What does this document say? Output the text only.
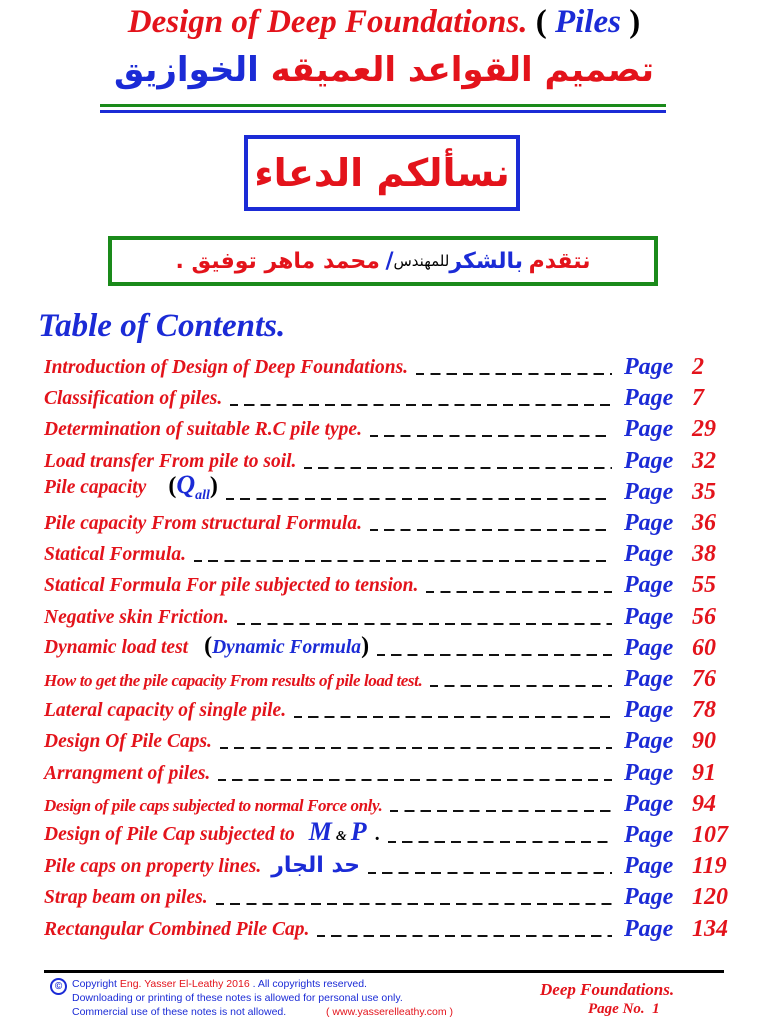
Design of Deep Foundations. ( Piles )
تصميم القواعد العميقه الخوازيق
نسألكم الدعاء
نتقدم

بالشكر
للمهندس
/

محمد ماهر توفيق .
Table of Contents.
Introduction of Design of Deep Foundations.	Page 2
Classification of piles.	Page 7
Determination of suitable R.C pile type.	Page 29
Load transfer From pile to soil.	Page 32
Pile capacity $(Q_{all})$	Page 35
Pile capacity From structural Formula.	Page 36
Statical Formula.	Page 38
Statical Formula For pile subjected to tension.	Page 55
Negative skin Friction.	Page 56
Dynamic load test (Dynamic Formula)	Page 60
How to get the pile capacity From results of pile load test.	Page 76
Lateral capacity of single pile.	Page 78
Design Of Pile Caps.	Page 90
Arrangment of piles.	Page 91
Design of pile caps subjected to normal Force only.	Page 94
Design of Pile Cap subjected to M & P .	Page 107
Pile caps on property lines. حد الجار	Page 119
Strap beam on piles.	Page 120
Rectangular Combined Pile Cap.	Page 134
© Copyright Eng. Yasser El-Leathy 2016 . All copyrights reserved.
Downloading or printing of these notes is allowed for personal use only.
Commercial use of these notes is not allowed.	( www.yasserelleathy.com )
Deep Foundations.
Page No. 1
